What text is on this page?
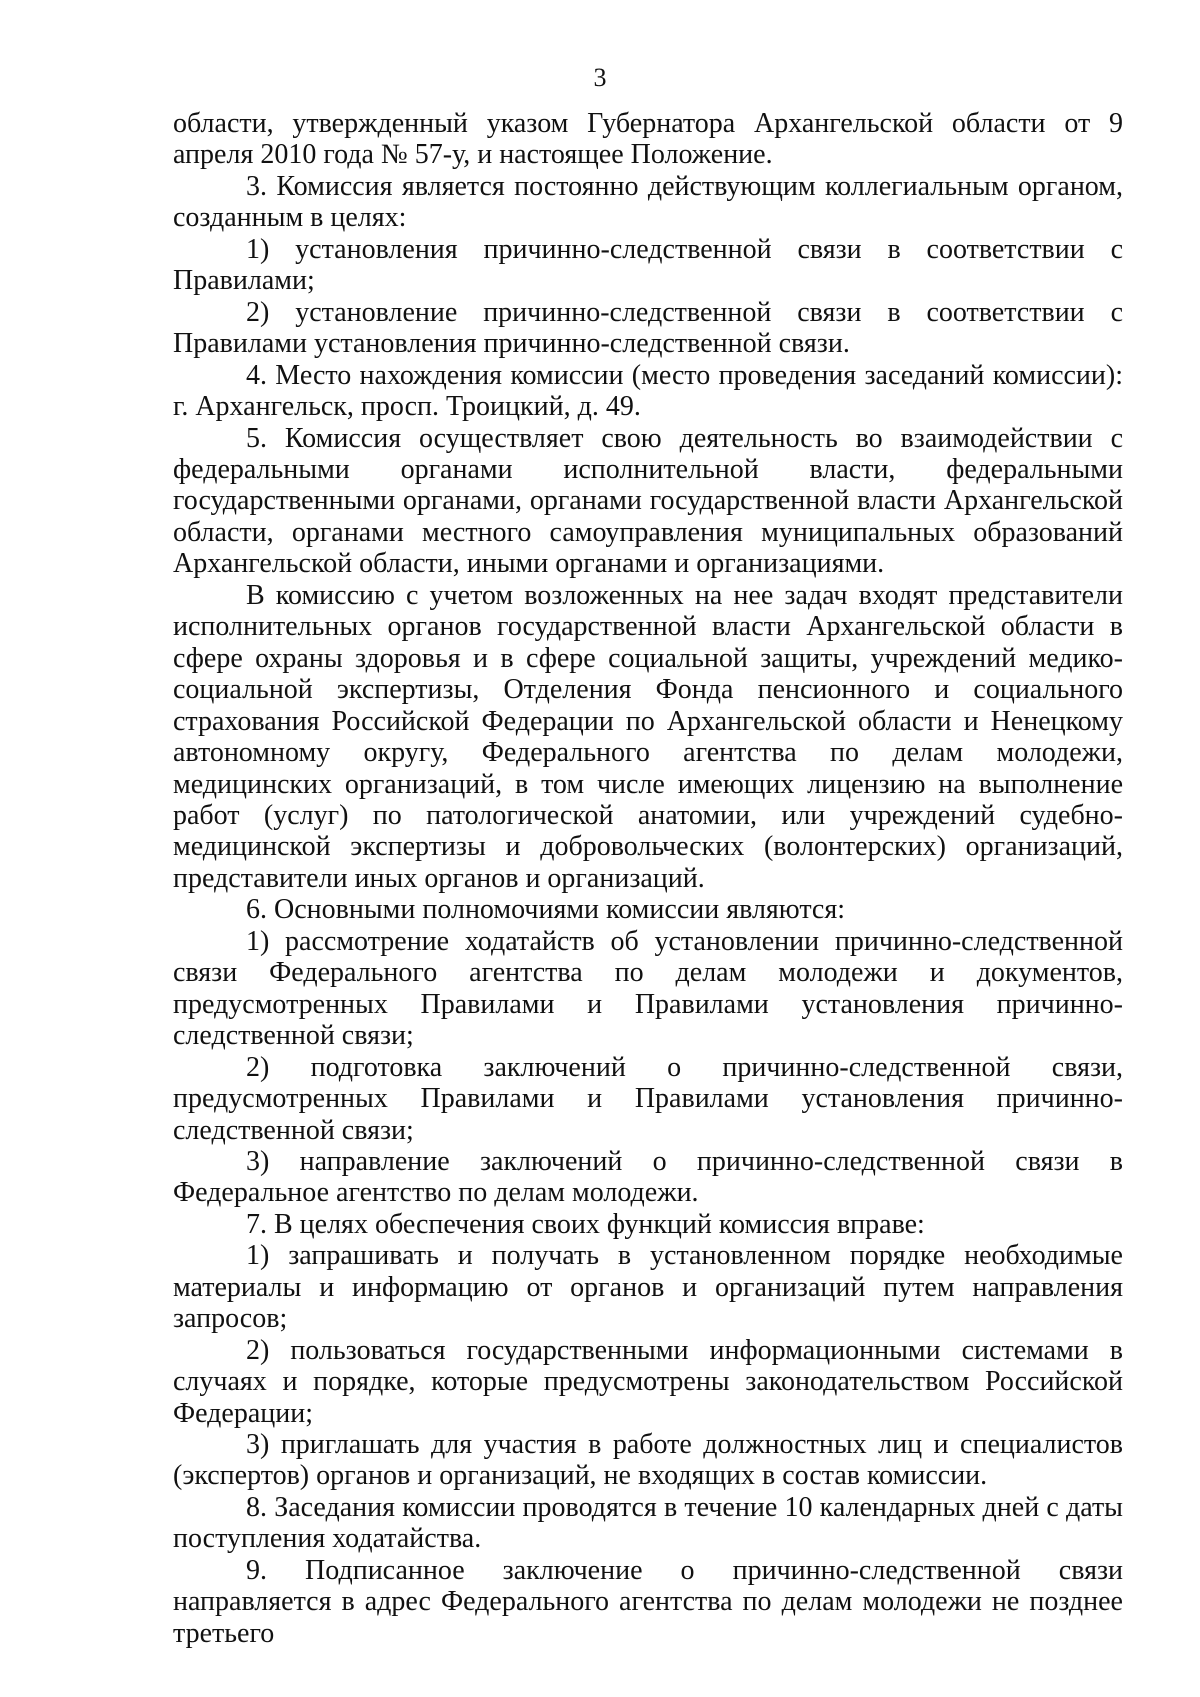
3

области, утвержденный указом Губернатора Архангельской области от 9 апреля 2010 года № 57-у, и настоящее Положение.

3. Комиссия является постоянно действующим коллегиальным органом, созданным в целях:

1) установления причинно-следственной связи в соответствии с Правилами;

2) установление причинно-следственной связи в соответствии с Правилами установления причинно-следственной связи.

4. Место нахождения комиссии (место проведения заседаний комиссии): г. Архангельск, просп. Троицкий, д. 49.

5. Комиссия осуществляет свою деятельность во взаимодействии с федеральными органами исполнительной власти, федеральными государственными органами, органами государственной власти Архангельской области, органами местного самоуправления муниципальных образований Архангельской области, иными органами и организациями.

В комиссию с учетом возложенных на нее задач входят представители исполнительных органов государственной власти Архангельской области в сфере охраны здоровья и в сфере социальной защиты, учреждений медико-социальной экспертизы, Отделения Фонда пенсионного и социального страхования Российской Федерации по Архангельской области и Ненецкому автономному округу, Федерального агентства по делам молодежи, медицинских организаций, в том числе имеющих лицензию на выполнение работ (услуг) по патологической анатомии, или учреждений судебно-медицинской экспертизы и добровольческих (волонтерских) организаций, представители иных органов и организаций.

6. Основными полномочиями комиссии являются:

1) рассмотрение ходатайств об установлении причинно-следственной связи Федерального агентства по делам молодежи и документов, предусмотренных Правилами и Правилами установления причинно-следственной связи;

2) подготовка заключений о причинно-следственной связи, предусмотренных Правилами и Правилами установления причинно-следственной связи;

3) направление заключений о причинно-следственной связи в Федеральное агентство по делам молодежи.

7. В целях обеспечения своих функций комиссия вправе:

1) запрашивать и получать в установленном порядке необходимые материалы и информацию от органов и организаций путем направления запросов;

2) пользоваться государственными информационными системами в случаях и порядке, которые предусмотрены законодательством Российской Федерации;

3) приглашать для участия в работе должностных лиц и специалистов (экспертов) органов и организаций, не входящих в состав комиссии.

8. Заседания комиссии проводятся в течение 10 календарных дней с даты поступления ходатайства.

9. Подписанное заключение о причинно-следственной связи направляется в адрес Федерального агентства по делам молодежи не позднее третьего
